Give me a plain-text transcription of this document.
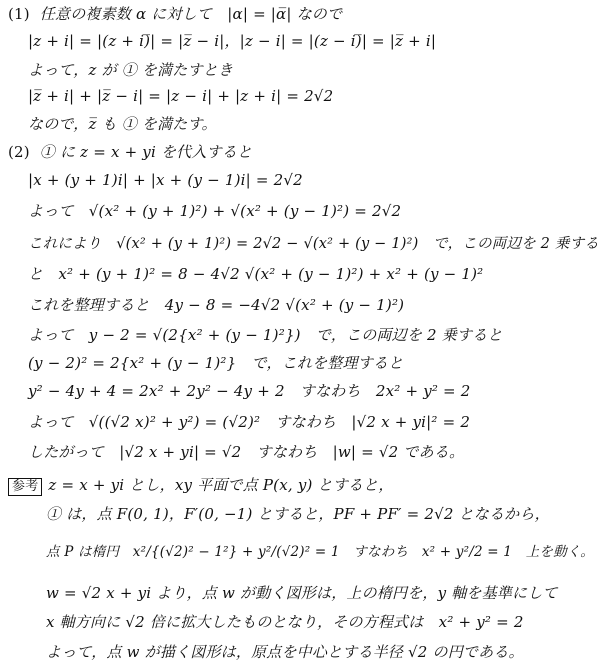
(1) 任意の複素数 α に対して　|α| = |α̅| なので
|z + i| = |(z + i)̅| = |z̅ − i|，|z − i| = |(z − i)̅| = |z̅ + i|
よって，z が ① を満たすとき
|z̅ + i| + |z̅ − i| = |z − i| + |z + i| = 2√2
なので，z̅ も ① を満たす。
(2) ① に z = x + yi を代入すると
|x + (y + 1)i| + |x + (y − 1)i| = 2√2
よって　√(x² + (y + 1)²) + √(x² + (y − 1)²) = 2√2
これにより　√(x² + (y + 1)²) = 2√2 − √(x² + (y − 1)²)　で，この両辺を 2 乗する
と　x² + (y + 1)² = 8 − 4√2 √(x² + (y − 1)²) + x² + (y − 1)²
これを整理すると　4y − 8 = −4√2 √(x² + (y − 1)²)
よって　y − 2 = √(2{x² + (y − 1)²})　で，この両辺を 2 乗すると
(y − 2)² = 2{x² + (y − 1)²}　で，これを整理すると
y² − 4y + 4 = 2x² + 2y² − 4y + 2　すなわち　2x² + y² = 2
よって　√((√2 x)² + y²) = (√2)²　すなわち　|√2 x + yi|² = 2
したがって　|√2 x + yi| = √2　すなわち　|w| = √2 である。
参考 z = x + yi とし，xy 平面で点 P(x, y) とすると，
① は，点 F(0, 1)，F′(0, −1) とすると，PF + PF′ = 2√2 となるから，
点 P は楕円　x²/{(√2)² − 1²} + y²/(√2)² = 1　すなわち　x² + y²/2 = 1　上を動く。
w = √2 x + yi より，点 w が動く図形は，上の楕円を，y 軸を基準にして
x 軸方向に √2 倍に拡大したものとなり，その方程式は　x² + y² = 2
よって，点 w が描く図形は，原点を中心とする半径 √2 の円である。
